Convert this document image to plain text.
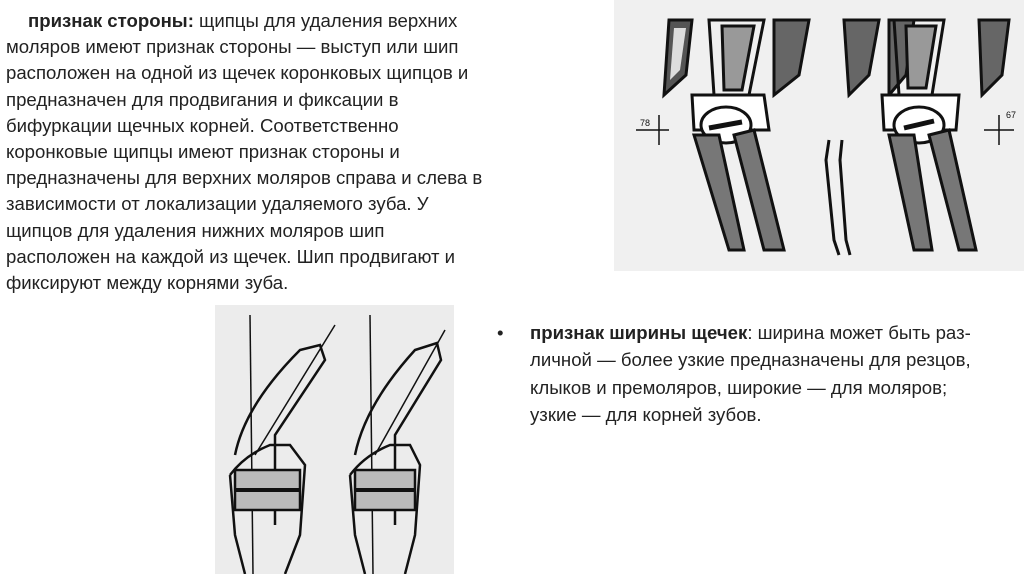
признак стороны: щипцы для удаления верхних

моляров имеют признак стороны — выступ или шип

расположен на одной из щечек коронковых щипцов и

предназначен для продвигания и фиксации в

бифуркации щечных корней. Соответственно

коронковые щипцы имеют признак стороны и

предназначены для верхних моляров справа и слева в

зависимости от локализации удаляемого зуба. У

щипцов для удаления нижних моляров шип

расположен на каждой из щечек. Шип продвигают и

фиксируют между корнями зуба.

78
67
•	признак ширины щечек: ширина может быть раз-
личной — более узкие предназначены для резцов,
клыков и премоляров, широкие — для моляров;
узкие — для корней зубов.
